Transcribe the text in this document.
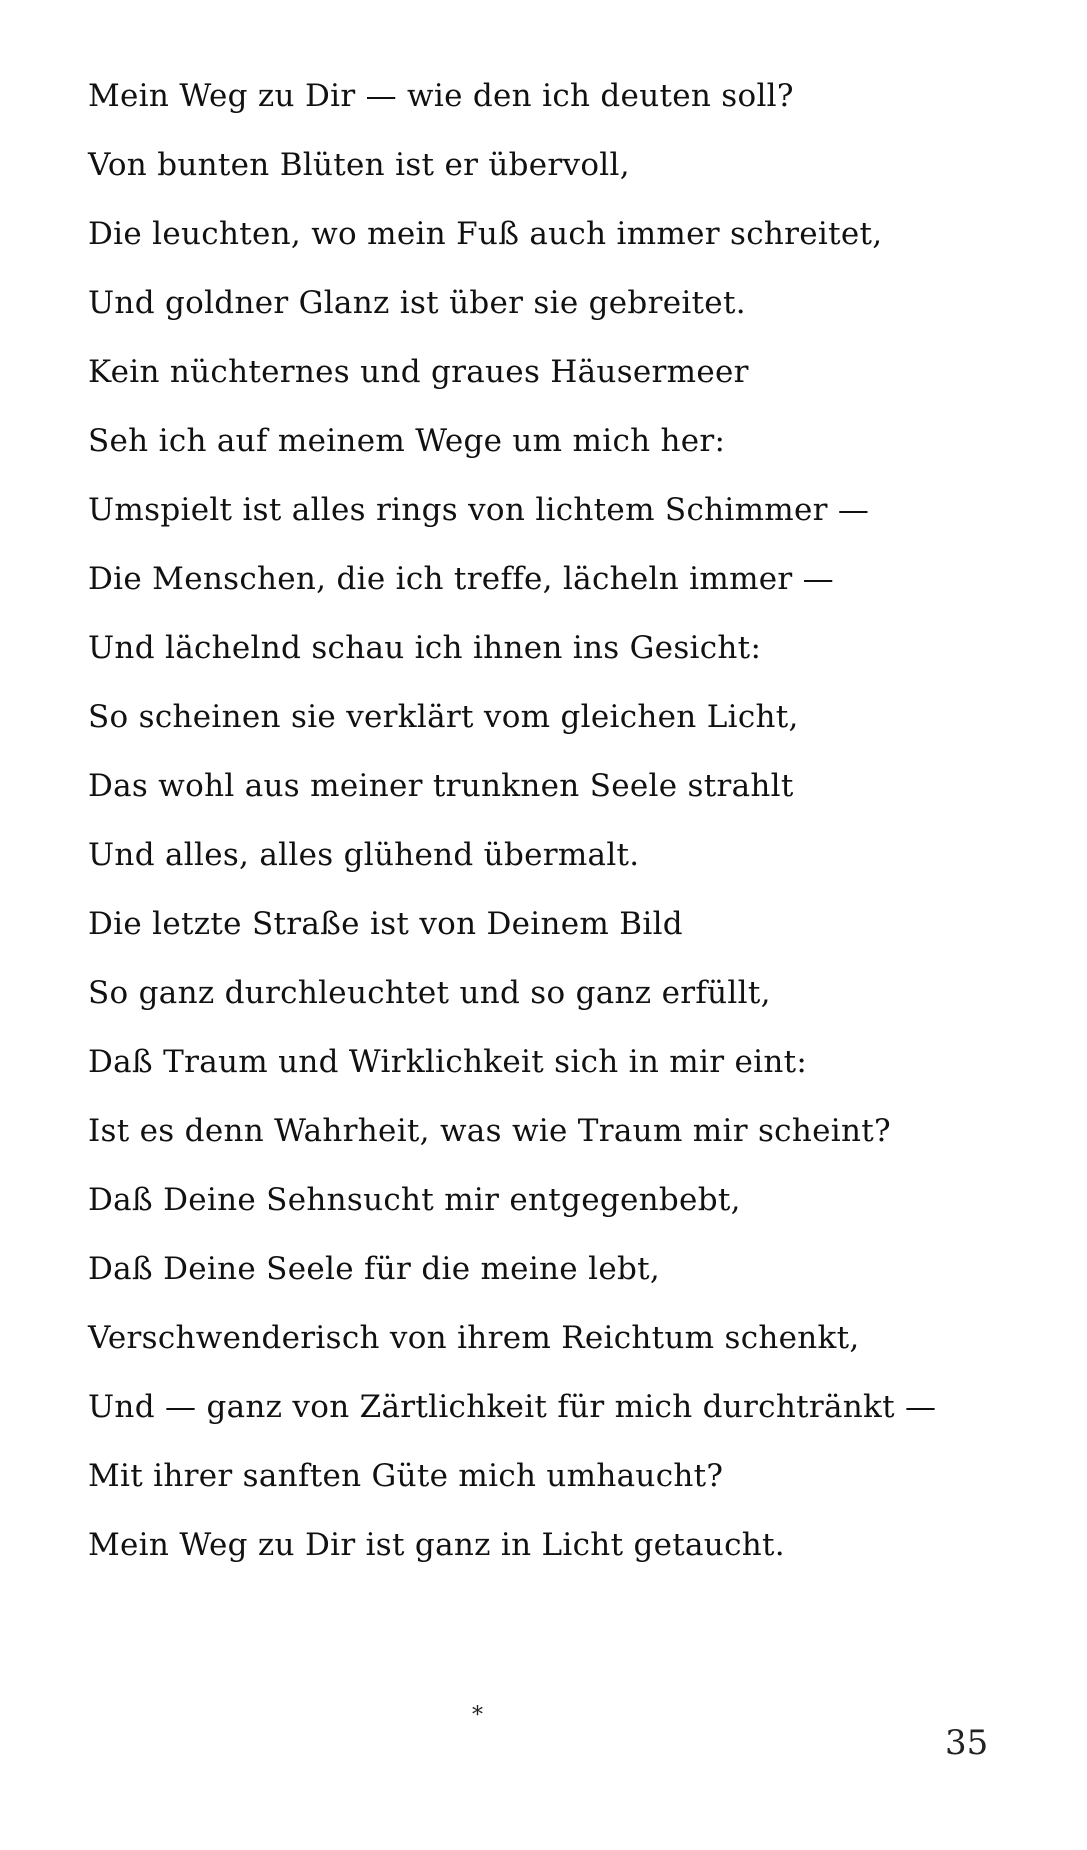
Mein Weg zu Dir — wie den ich deuten soll?
Von bunten Blüten ist er übervoll,
Die leuchten, wo mein Fuß auch immer schreitet,
Und goldner Glanz ist über sie gebreitet.
Kein nüchternes und graues Häusermeer
Seh ich auf meinem Wege um mich her:
Umspielt ist alles rings von lichtem Schimmer —
Die Menschen, die ich treffe, lächeln immer —
Und lächelnd schau ich ihnen ins Gesicht:
So scheinen sie verklärt vom gleichen Licht,
Das wohl aus meiner trunknen Seele strahlt
Und alles, alles glühend übermalt.
Die letzte Straße ist von Deinem Bild
So ganz durchleuchtet und so ganz erfüllt,
Daß Traum und Wirklichkeit sich in mir eint:
Ist es denn Wahrheit, was wie Traum mir scheint?
Daß Deine Sehnsucht mir entgegenbebt,
Daß Deine Seele für die meine lebt,
Verschwenderisch von ihrem Reichtum schenkt,
Und — ganz von Zärtlichkeit für mich durchtränkt —
Mit ihrer sanften Güte mich umhaucht?
Mein Weg zu Dir ist ganz in Licht getaucht.
*
35
